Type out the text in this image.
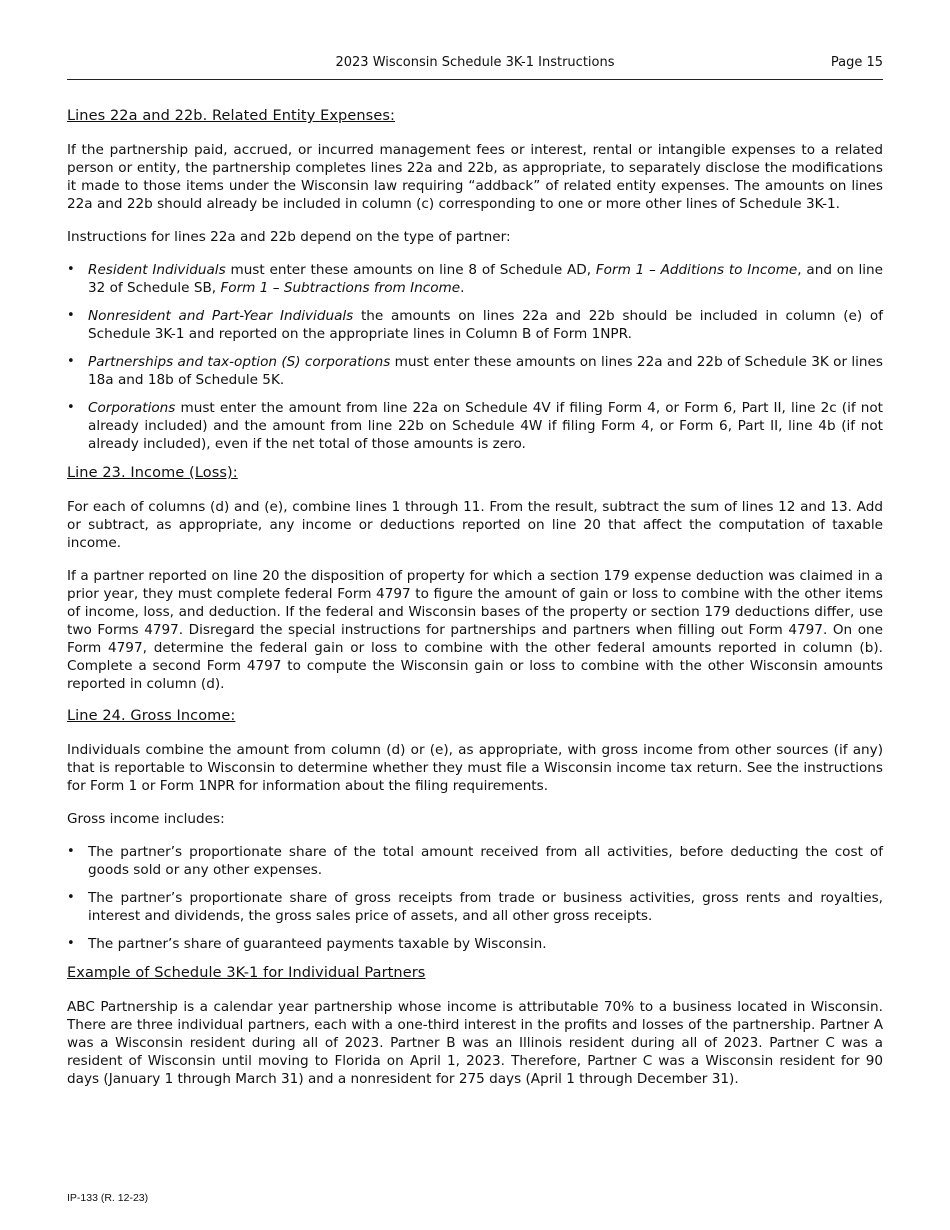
2023 Wisconsin Schedule 3K-1 Instructions	Page 15
Lines 22a and 22b. Related Entity Expenses:

If the partnership paid, accrued, or incurred management fees or interest, rental or intangible expenses to a related person or entity, the partnership completes lines 22a and 22b, as appropriate, to separately disclose the modifications it made to those items under the Wisconsin law requiring “addback” of related entity expenses. The amounts on lines 22a and 22b should already be included in column (c) corresponding to one or more other lines of Schedule 3K-1.

Instructions for lines 22a and 22b depend on the type of partner:

• Resident Individuals must enter these amounts on line 8 of Schedule AD, Form 1 – Additions to Income, and on line 32 of Schedule SB, Form 1 – Subtractions from Income.
• Nonresident and Part-Year Individuals the amounts on lines 22a and 22b should be included in column (e) of Schedule 3K-1 and reported on the appropriate lines in Column B of Form 1NPR.
• Partnerships and tax-option (S) corporations must enter these amounts on lines 22a and 22b of Schedule 3K or lines 18a and 18b of Schedule 5K.
• Corporations must enter the amount from line 22a on Schedule 4V if filing Form 4, or Form 6, Part II, line 2c (if not already included) and the amount from line 22b on Schedule 4W if filing Form 4, or Form 6, Part II, line 4b (if not already included), even if the net total of those amounts is zero.
Line 23. Income (Loss):

For each of columns (d) and (e), combine lines 1 through 11. From the result, subtract the sum of lines 12 and 13. Add or subtract, as appropriate, any income or deductions reported on line 20 that affect the computation of taxable income.

If a partner reported on line 20 the disposition of property for which a section 179 expense deduction was claimed in a prior year, they must complete federal Form 4797 to figure the amount of gain or loss to combine with the other items of income, loss, and deduction. If the federal and Wisconsin bases of the property or section 179 deductions differ, use two Forms 4797. Disregard the special instructions for partnerships and partners when filling out Form 4797. On one Form 4797, determine the federal gain or loss to combine with the other federal amounts reported in column (b). Complete a second Form 4797 to compute the Wisconsin gain or loss to combine with the other Wisconsin amounts reported in column (d).

Line 24. Gross Income:

Individuals combine the amount from column (d) or (e), as appropriate, with gross income from other sources (if any) that is reportable to Wisconsin to determine whether they must file a Wisconsin income tax return. See the instructions for Form 1 or Form 1NPR for information about the filing requirements.

Gross income includes:

• The partner’s proportionate share of the total amount received from all activities, before deducting the cost of goods sold or any other expenses.
• The partner’s proportionate share of gross receipts from trade or business activities, gross rents and royalties, interest and dividends, the gross sales price of assets, and all other gross receipts.
• The partner’s share of guaranteed payments taxable by Wisconsin.
Example of Schedule 3K-1 for Individual Partners

ABC Partnership is a calendar year partnership whose income is attributable 70% to a business located in Wisconsin. There are three individual partners, each with a one-third interest in the profits and losses of the partnership. Partner A was a Wisconsin resident during all of 2023. Partner B was an Illinois resident during all of 2023. Partner C was a resident of Wisconsin until moving to Florida on April 1, 2023. Therefore, Partner C was a Wisconsin resident for 90 days (January 1 through March 31) and a nonresident for 275 days (April 1 through December 31).

IP-133 (R. 12-23)
